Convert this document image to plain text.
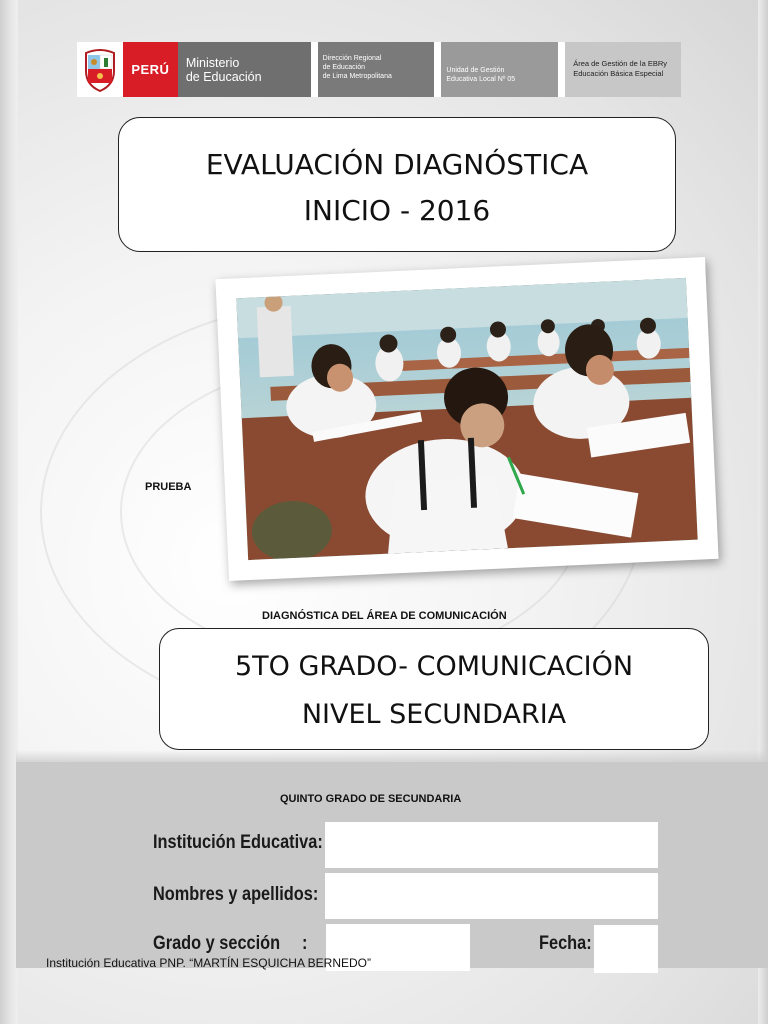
PERÚ	Ministerio
de Educación
Dirección Regional
de Educación
de Lima Metropolitana
Unidad de Gestión
Educativa Local Nº 05
Área de Gestión de la EBRy
Educación Básica Especial
EVALUACIÓN DIAGNÓSTICA
INICIO - 2016
PRUEBA
DIAGNÓSTICA DEL ÁREA DE COMUNICACIÓN
5TO GRADO- COMUNICACIÓN
NIVEL SECUNDARIA
QUINTO GRADO DE SECUNDARIA
Institución Educativa:
Nombres y apellidos:
Grado y sección :	Fecha:
Institución Educativa PNP. “MARTÍN ESQUICHA BERNEDO”
